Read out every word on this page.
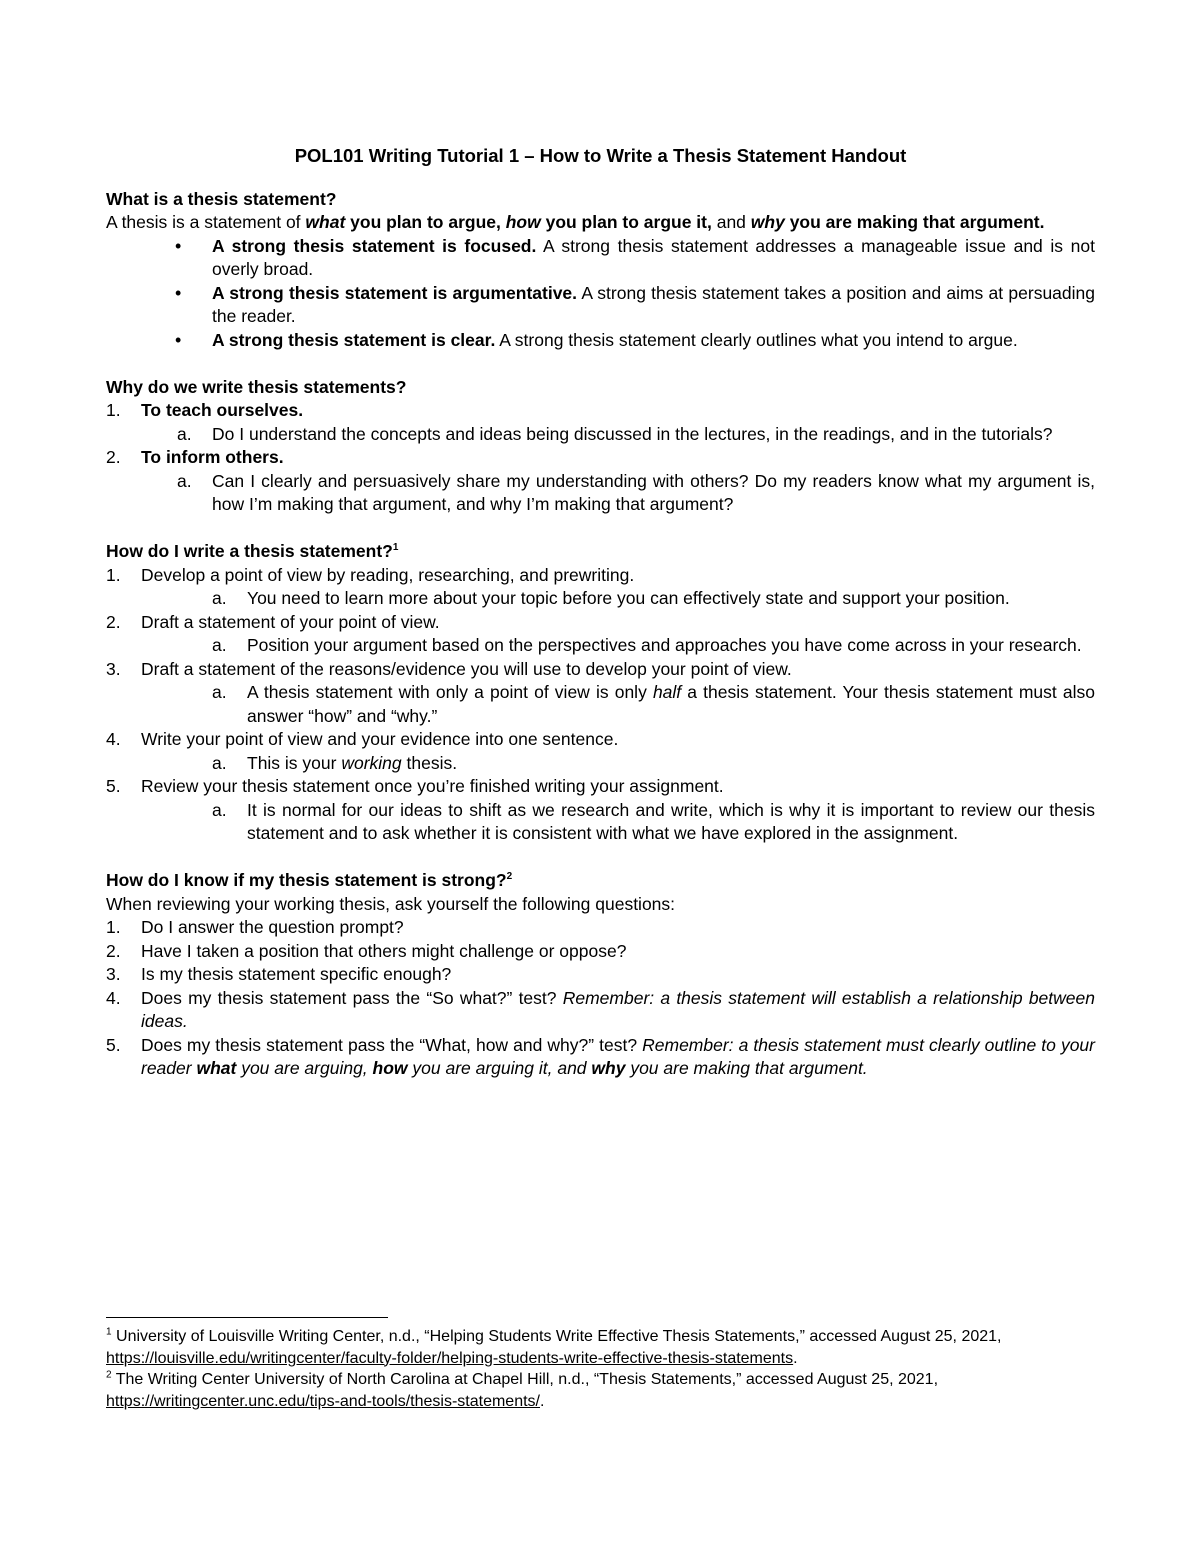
POL101 Writing Tutorial 1 – How to Write a Thesis Statement Handout
What is a thesis statement?

A thesis is a statement of what you plan to argue, how you plan to argue it, and why you are making that argument.

• A strong thesis statement is focused. A strong thesis statement addresses a manageable issue and is not overly broad.
• A strong thesis statement is argumentative. A strong thesis statement takes a position and aims at persuading the reader.
• A strong thesis statement is clear. A strong thesis statement clearly outlines what you intend to argue.
Why do we write thesis statements?
1. To teach ourselves.
a. Do I understand the concepts and ideas being discussed in the lectures, in the readings, and in the tutorials?
2. To inform others.
a. Can I clearly and persuasively share my understanding with others? Do my readers know what my argument is, how I’m making that argument, and why I’m making that argument?
How do I write a thesis statement?$^1$
1. Develop a point of view by reading, researching, and prewriting.
a. You need to learn more about your topic before you can effectively state and support your position.
2. Draft a statement of your point of view.
a. Position your argument based on the perspectives and approaches you have come across in your research.
3. Draft a statement of the reasons/evidence you will use to develop your point of view.
a. A thesis statement with only a point of view is only half a thesis statement. Your thesis statement must also answer “how” and “why.”
4. Write your point of view and your evidence into one sentence.
a. This is your working thesis.
5. Review your thesis statement once you’re finished writing your assignment.
a. It is normal for our ideas to shift as we research and write, which is why it is important to review our thesis statement and to ask whether it is consistent with what we have explored in the assignment.
How do I know if my thesis statement is strong?$^2$

When reviewing your working thesis, ask yourself the following questions:

1. Do I answer the question prompt?
2. Have I taken a position that others might challenge or oppose?
3. Is my thesis statement specific enough?
4. Does my thesis statement pass the “So what?” test? Remember: a thesis statement will establish a relationship between ideas.
5. Does my thesis statement pass the “What, how and why?” test? Remember: a thesis statement must clearly outline to your reader what you are arguing, how you are arguing it, and why you are making that argument.
$^1$ University of Louisville Writing Center, n.d., “Helping Students Write Effective Thesis Statements,” accessed August 25, 2021, https://louisville.edu/writingcenter/faculty-folder/helping-students-write-effective-thesis-statements.
$^2$ The Writing Center University of North Carolina at Chapel Hill, n.d., “Thesis Statements,” accessed August 25, 2021, https://writingcenter.unc.edu/tips-and-tools/thesis-statements/.
